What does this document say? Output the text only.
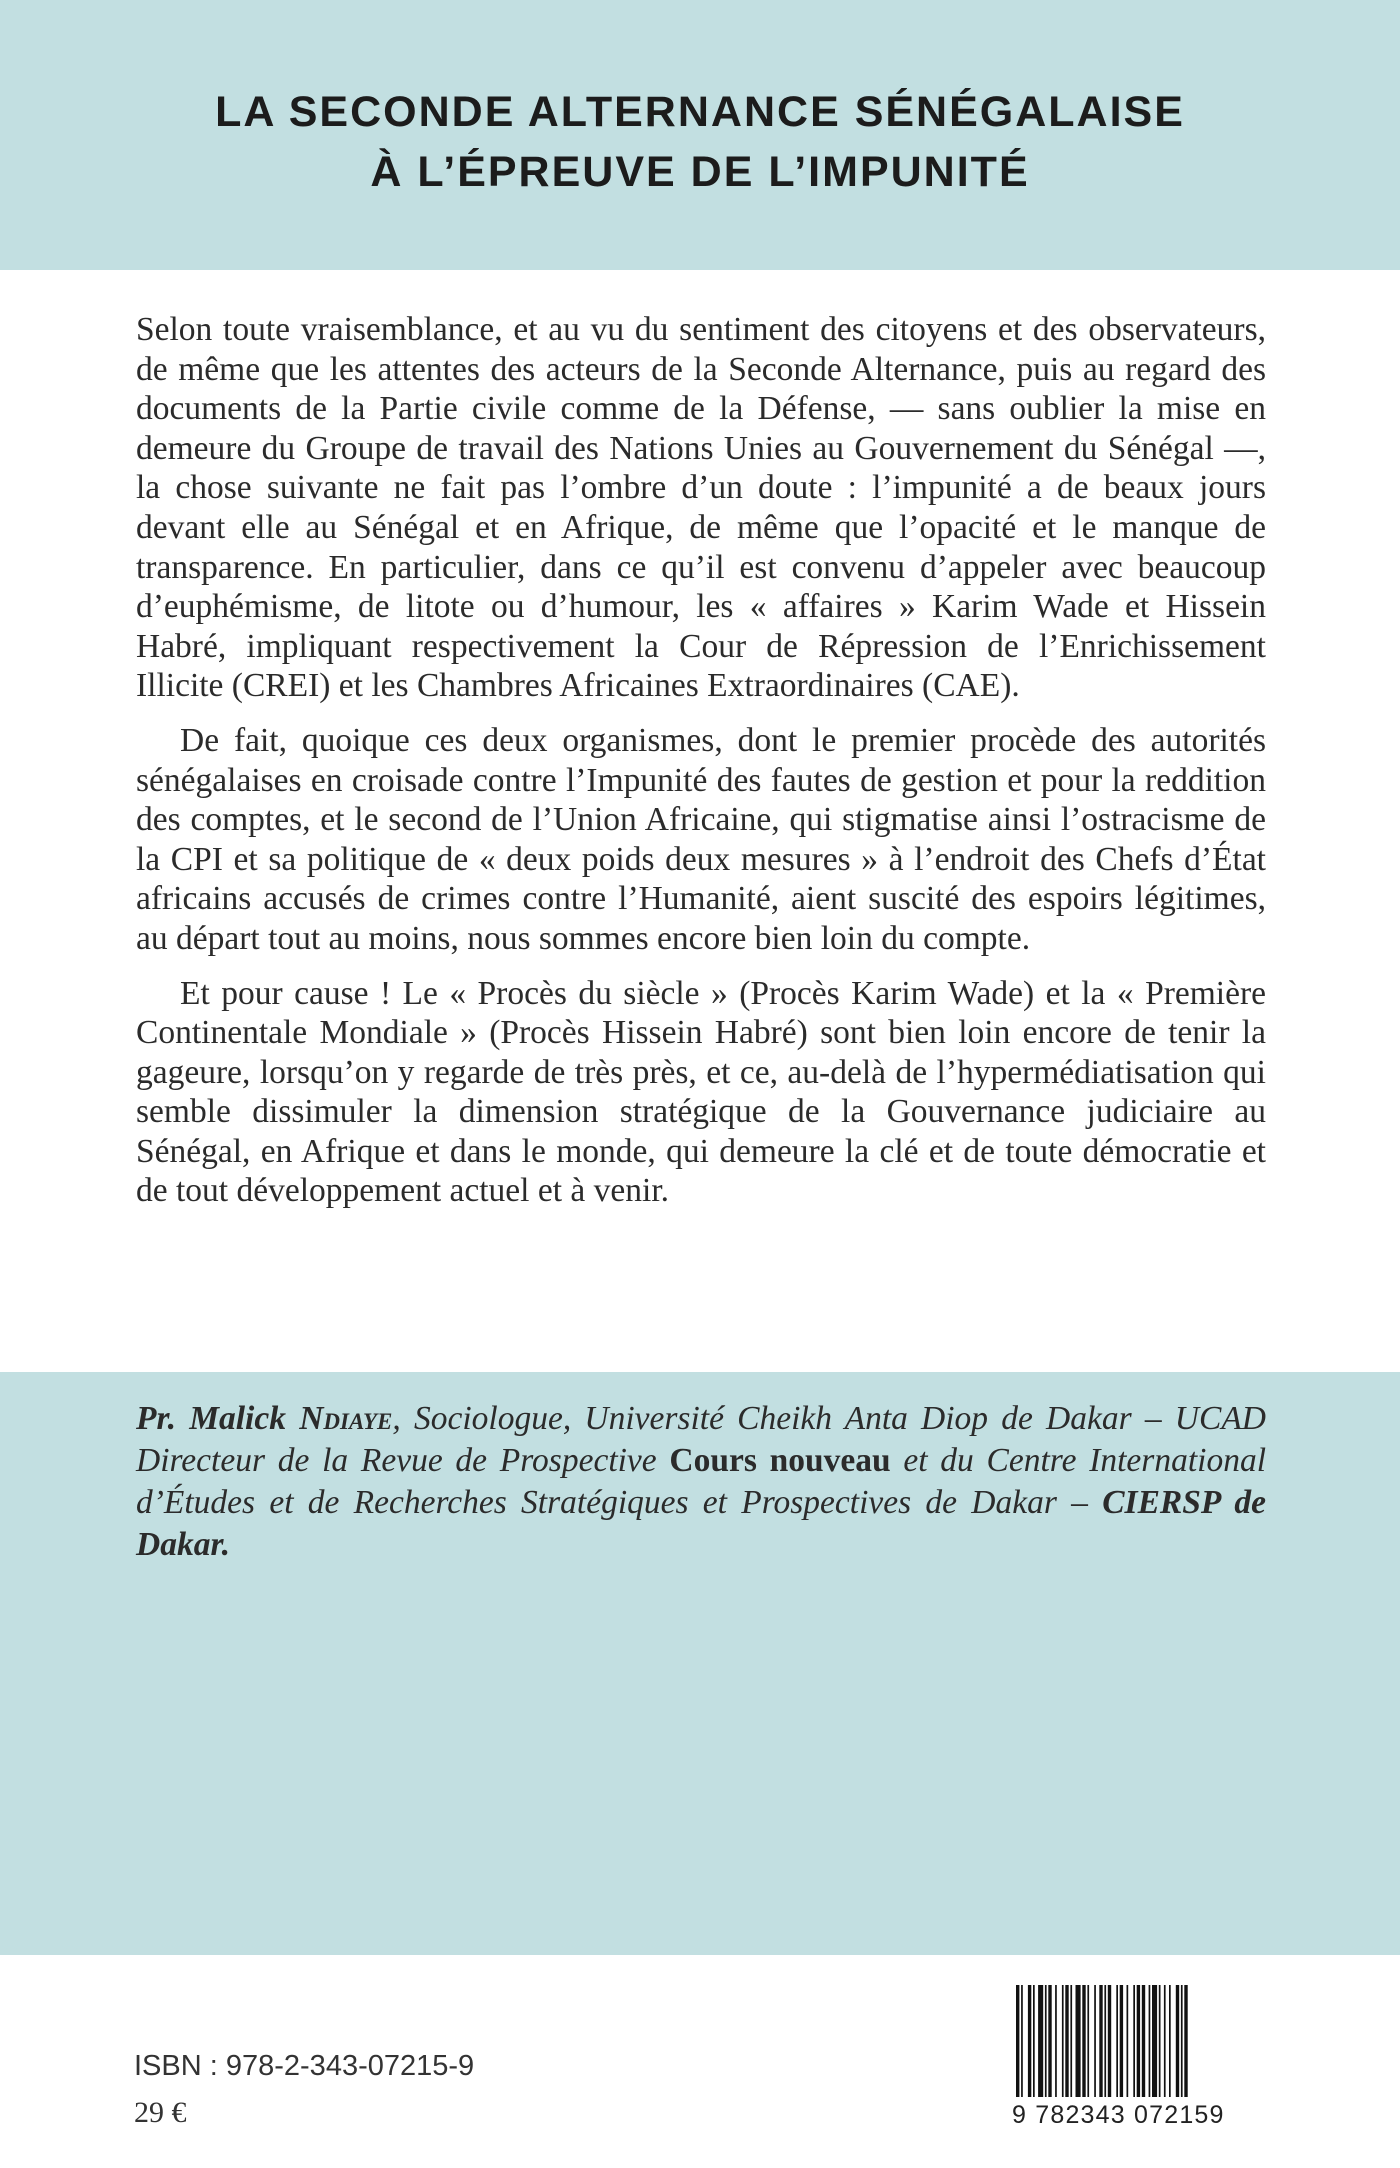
LA SECONDE ALTERNANCE SÉNÉGALAISE
À L’ÉPREUVE DE L’IMPUNITÉ

Selon toute vraisemblance, et au vu du sentiment des citoyens et des observateurs, de même que les attentes des acteurs de la Seconde Alternance, puis au regard des documents de la Partie civile comme de la Défense, — sans oublier la mise en demeure du Groupe de travail des Nations Unies au Gouvernement du Sénégal —, la chose suivante ne fait pas l’ombre d’un doute : l’impunité a de beaux jours devant elle au Sénégal et en Afrique, de même que l’opacité et le manque de transparence. En particulier, dans ce qu’il est convenu d’appeler avec beaucoup d’euphémisme, de litote ou d’humour, les « affaires » Karim Wade et Hissein Habré, impliquant respectivement la Cour de Répression de l’Enrichissement Illicite (CREI) et les Chambres Africaines Extraordinaires (CAE).

De fait, quoique ces deux organismes, dont le premier procède des autorités sénégalaises en croisade contre l’Impunité des fautes de gestion et pour la reddition des comptes, et le second de l’Union Africaine, qui stigmatise ainsi l’ostracisme de la CPI et sa politique de « deux poids deux mesures » à l’endroit des Chefs d’État africains accusés de crimes contre l’Humanité, aient suscité des espoirs légitimes, au départ tout au moins, nous sommes encore bien loin du compte.

Et pour cause ! Le « Procès du siècle » (Procès Karim Wade) et la « Première Continentale Mondiale » (Procès Hissein Habré) sont bien loin encore de tenir la gageure, lorsqu’on y regarde de très près, et ce, au-delà de l’hypermédiatisation qui semble dissimuler la dimension stratégique de la Gouvernance judiciaire au Sénégal, en Afrique et dans le monde, qui demeure la clé et de toute démocratie et de tout développement actuel et à venir.

Pr. Malick Ndiaye, Sociologue, Université Cheikh Anta Diop de Dakar – UCAD Directeur de la Revue de Prospective Cours nouveau et du Centre International d’Études et de Recherches Stratégiques et Prospectives de Dakar – CIERSP de Dakar.
ISBN : 978-2-343-07215-9
29 €	9 782343 072159
